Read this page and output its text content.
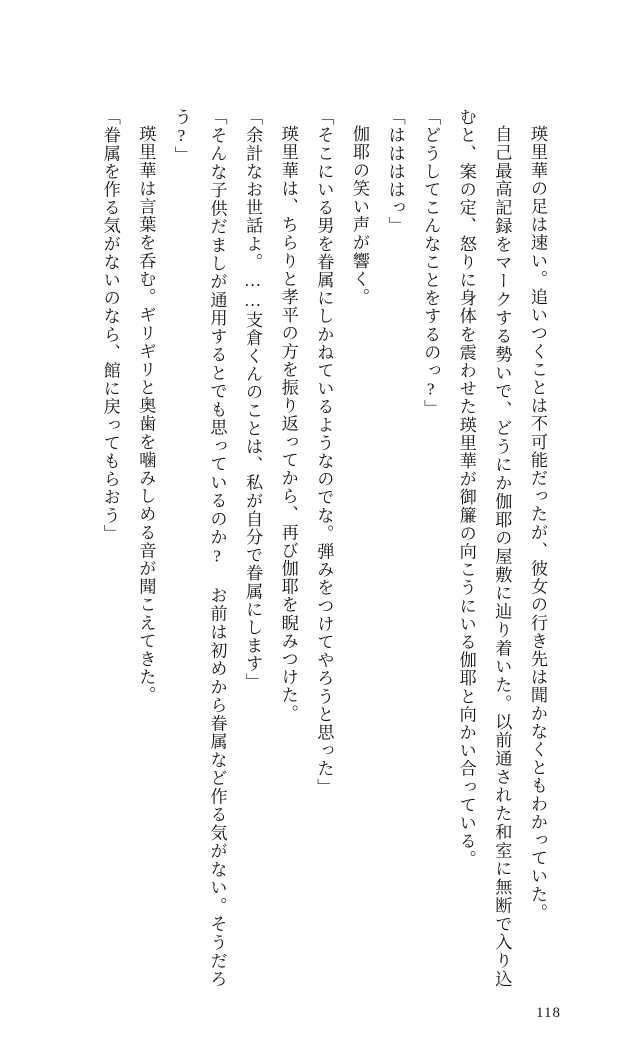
瑛里華の足は速い。追いつくことは不可能だったが、彼女の行き先は聞かなくともわかっていた。

自己最高記録をマークする勢いで、どうにか伽耶の屋敷に辿り着いた。以前通された和室に無断で入り込むと、案の定、怒りに身体を震わせた瑛里華が御簾の向こうにいる伽耶と向かい合っている。

「どうしてこんなことをするのっ?」

「ははははっ」

伽耶の笑い声が響く。

「そこにいる男を眷属にしかねているようなのでな。弾みをつけてやろうと思った」

瑛里華は、ちらりと孝平の方を振り返ってから、再び伽耶を睨みつけた。

「余計なお世話よ。……支倉くんのことは、私が自分で眷属にします」

「そんな子供だましが通用するとでも思っているのか? お前は初めから眷属など作る気がない。そうだろう?」

瑛里華は言葉を呑む。ギリギリと奥歯を噛みしめる音が聞こえてきた。

「眷属を作る気がないのなら、館に戻ってもらおう」

118
